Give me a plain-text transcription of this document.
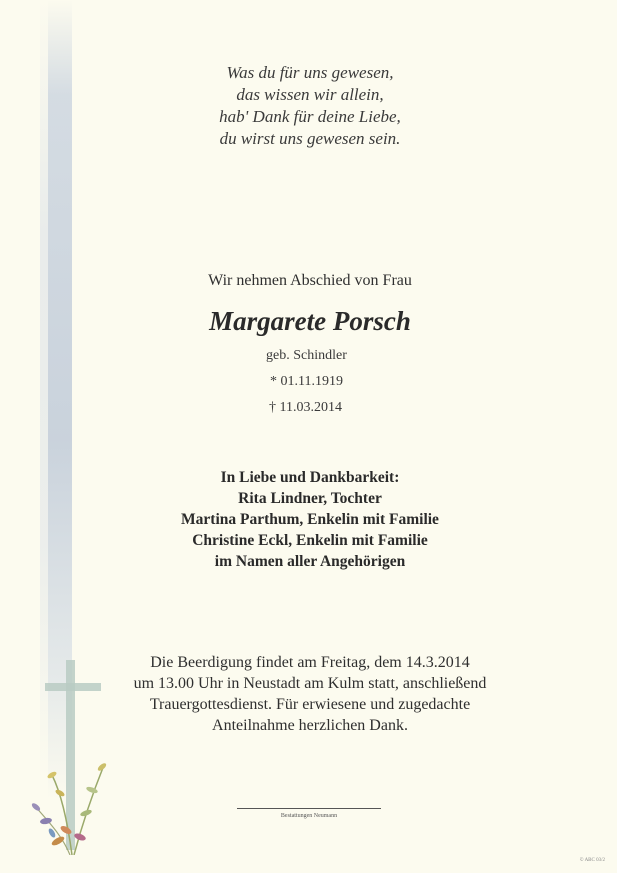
Was du für uns gewesen,
das wissen wir allein,
hab' Dank für deine Liebe,
du wirst uns gewesen sein.
Wir nehmen Abschied von Frau
Margarete Porsch
geb. Schindler
* 01.11.1919
† 11.03.2014
In Liebe und Dankbarkeit:
Rita Lindner, Tochter
Martina Parthum, Enkelin mit Familie
Christine Eckl, Enkelin mit Familie
im Namen aller Angehörigen
Die Beerdigung findet am Freitag, dem 14.3.2014
um 13.00 Uhr in Neustadt am Kulm statt, anschließend
Trauergottesdienst. Für erwiesene und zugedachte
Anteilnahme herzlichen Dank.
Bestattungen Neumann
© ABC 03/2
